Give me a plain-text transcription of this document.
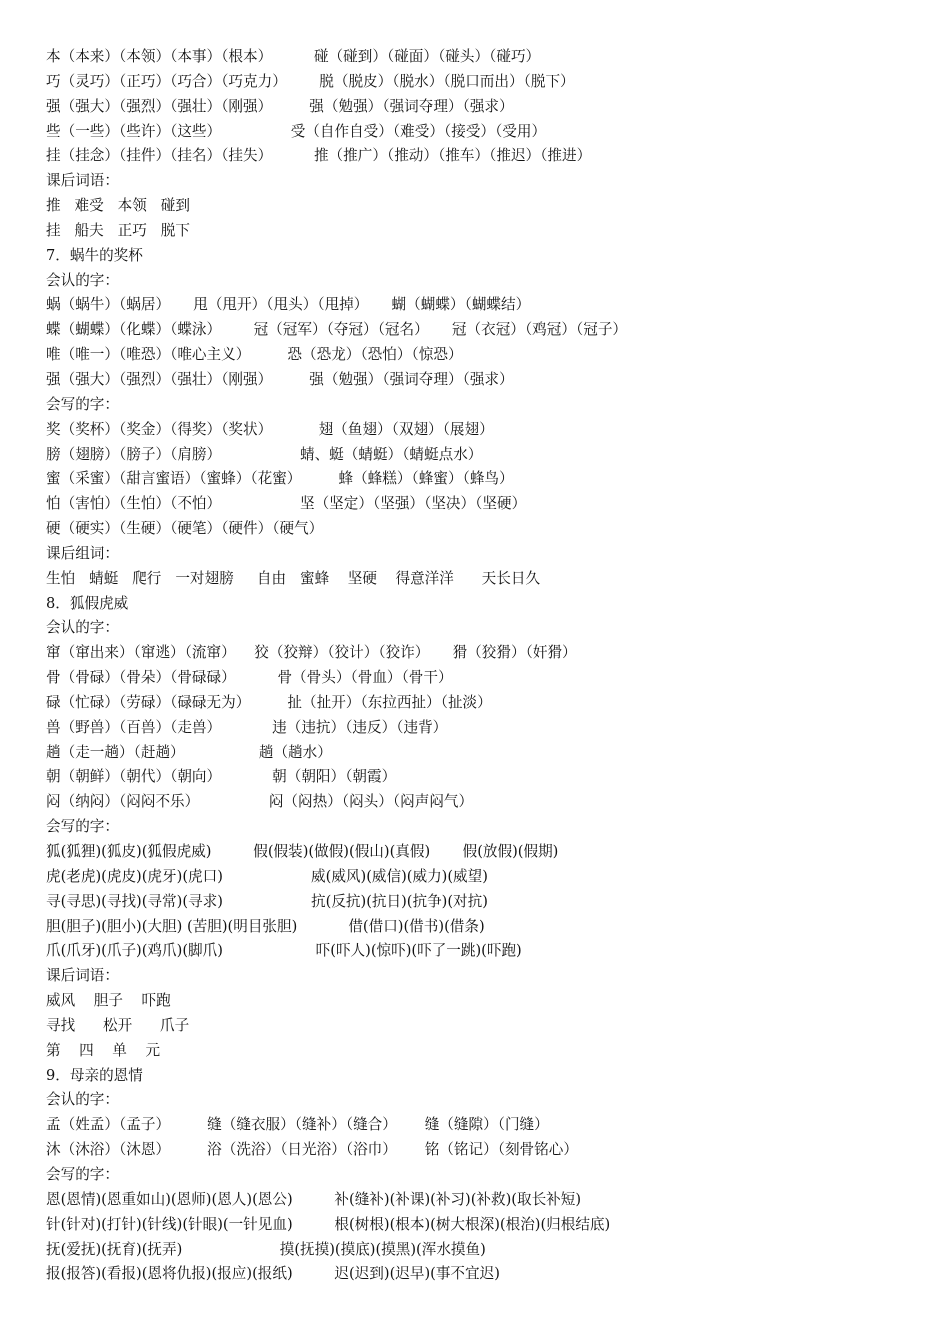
本（本来）（本领）（本事）（根本）         碰（碰到）（碰面）（碰头）（碰巧）
巧（灵巧）（正巧）（巧合）（巧克力）       脱（脱皮）（脱水）（脱口而出）（脱下）
强（强大）（强烈）（强壮）（刚强）        强（勉强）（强词夺理）（强求）
些（一些）（些许）（这些）               受（自作自受）（难受）（接受）（受用）
挂（挂念）（挂件）（挂名）（挂失）         推（推广）（推动）（推车）（推迟）（推进）
课后词语：
推   难受   本领   碰到
挂   船夫   正巧   脱下
7．蜗牛的奖杯
会认的字：
蜗（蜗牛）（蜗居）     甩（甩开）（甩头）（甩掉）     蝴（蝴蝶）（蝴蝶结）
蝶（蝴蝶）（化蝶）（蝶泳）       冠（冠军）（夺冠）（冠名）     冠（衣冠）（鸡冠）（冠子）
唯（唯一）（唯恐）（唯心主义）        恐（恐龙）（恐怕）（惊恐）
强（强大）（强烈）（强壮）（刚强）        强（勉强）（强词夺理）（强求）
会写的字：
奖（奖杯）（奖金）（得奖）（奖状）          翅（鱼翅）（双翅）（展翅）
膀（翅膀）（膀子）（肩膀）                 蜻、蜓（蜻蜓）（蜻蜓点水）
蜜（采蜜）（甜言蜜语）（蜜蜂）（花蜜）        蜂（蜂糕）（蜂蜜）（蜂鸟）
怕（害怕）（生怕）（不怕）                 坚（坚定）（坚强）（坚决）（坚硬）
硬（硬实）（生硬）（硬笔）（硬件）（硬气）
课后组词：
生怕   蜻蜓   爬行   一对翅膀     自由   蜜蜂    坚硬    得意洋洋      天长日久
8．狐假虎威
会认的字：
窜（窜出来）（窜逃）（流窜）    狡（狡辩）（狡计）（狡诈）     猾（狡猾）（奸猾）
骨（骨碌）（骨朵）（骨碌碌）         骨（骨头）（骨血）（骨干）
碌（忙碌）（劳碌）（碌碌无为）        扯（扯开）（东拉西扯）（扯淡）
兽（野兽）（百兽）（走兽）           违（违抗）（违反）（违背）
趟（走一趟）（赶趟）                趟（趟水）
朝（朝鲜）（朝代）（朝向）           朝（朝阳）（朝霞）
闷（纳闷）（闷闷不乐）               闷（闷热）（闷头）（闷声闷气）
会写的字：
狐(狐狸)(狐皮)(狐假虎威)         假(假装)(做假)(假山)(真假)       假(放假)(假期)
虎(老虎)(虎皮)(虎牙)(虎口)                   威(威风)(威信)(威力)(威望)
寻(寻思)(寻找)(寻常)(寻求)                   抗(反抗)(抗日)(抗争)(对抗)
胆(胆子)(胆小)(大胆) (苦胆)(明目张胆)           借(借口)(借书)(借条)
爪(爪牙)(爪子)(鸡爪)(脚爪)                    吓(吓人)(惊吓)(吓了一跳)(吓跑)
课后词语：
威风    胆子    吓跑
寻找      松开      爪子
第    四    单    元
9．母亲的恩情
会认的字：
孟（姓孟）（孟子）        缝（缝衣服）（缝补）（缝合）      缝（缝隙）（门缝）
沐（沐浴）（沐恩）        浴（洗浴）（日光浴）（浴巾）      铭（铭记）（刻骨铭心）
会写的字：
恩(恩情)(恩重如山)(恩师)(恩人)(恩公)         补(缝补)(补课)(补习)(补救)(取长补短)
针(针对)(打针)(针线)(针眼)(一针见血)         根(树根)(根本)(树大根深)(根治)(归根结底)
抚(爱抚)(抚育)(抚弄)                     摸(抚摸)(摸底)(摸黑)(浑水摸鱼)
报(报答)(看报)(恩将仇报)(报应)(报纸)         迟(迟到)(迟早)(事不宜迟)
